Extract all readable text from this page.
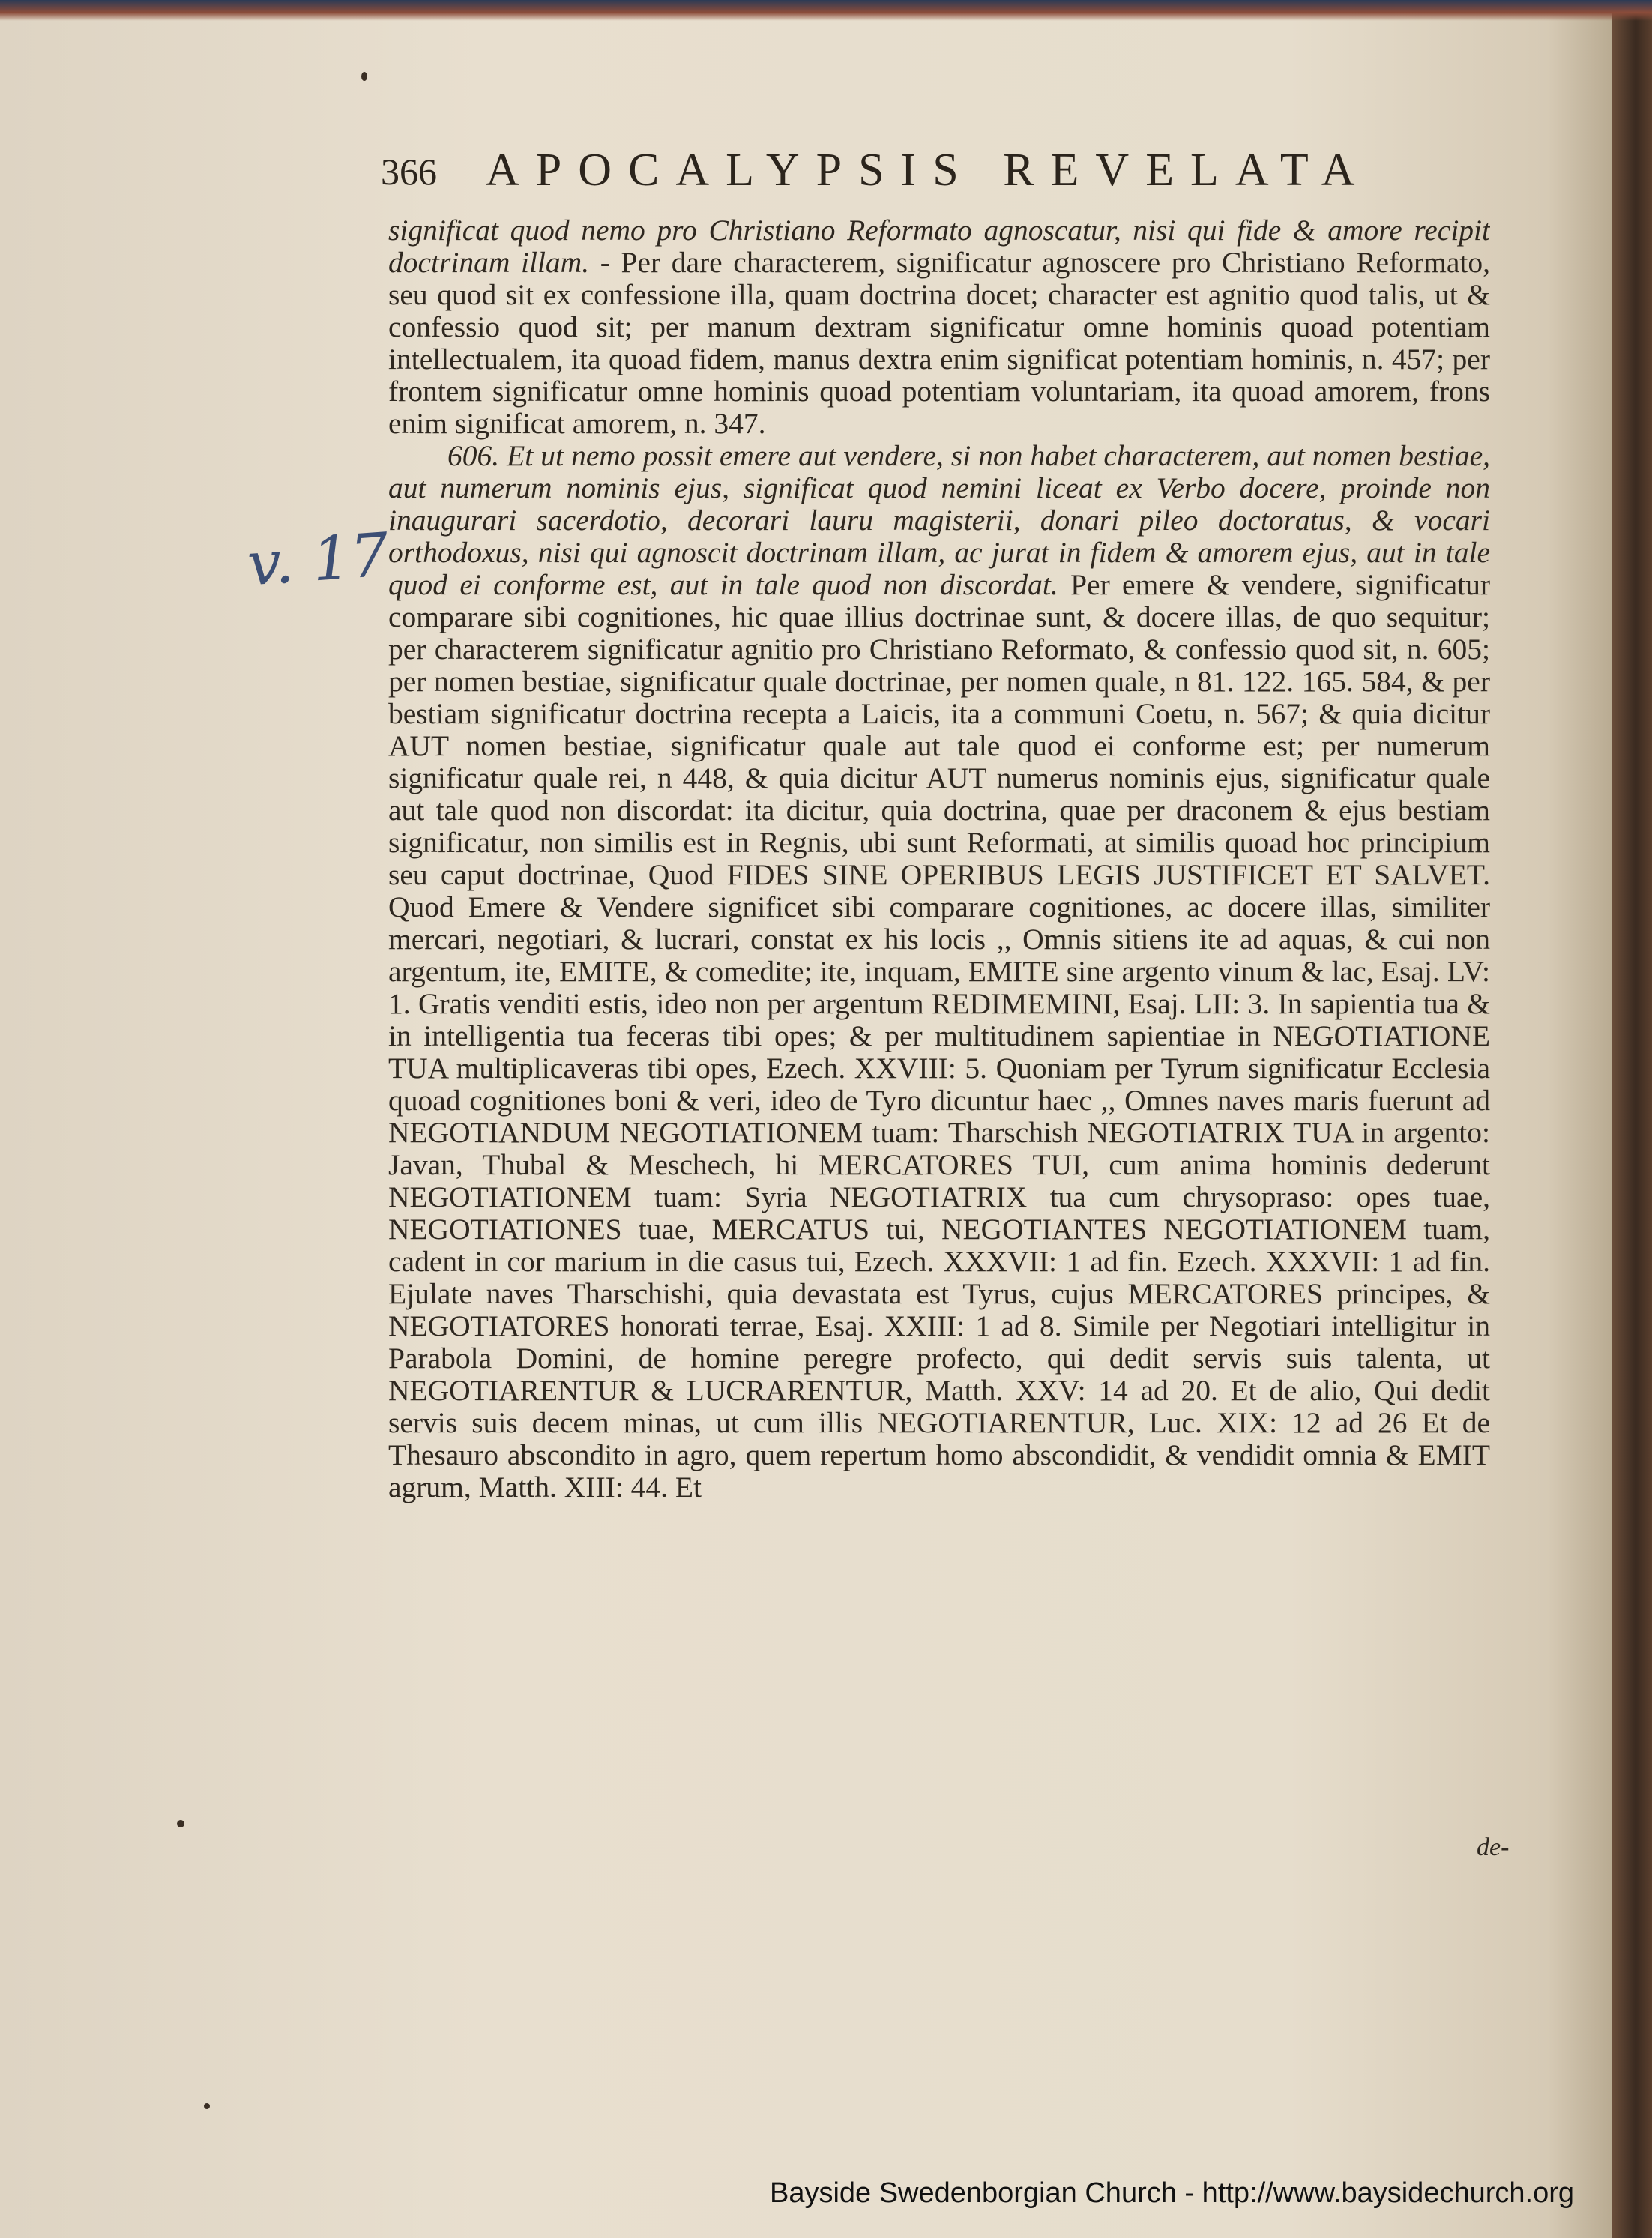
366 APOCALYPSIS REVELATA
v. 17

significat quod nemo pro Christiano Reformato agnoscatur, nisi qui fide & amore recipit doctrinam illam. - Per dare characterem, significatur agnoscere pro Christiano Reformato, seu quod sit ex confessione illa, quam doctrina docet; character est agnitio quod talis, ut & confessio quod sit; per manum dextram significatur omne hominis quoad potentiam intellectualem, ita quoad fidem, manus dextra enim significat potentiam hominis, n. 457; per frontem significatur omne hominis quoad potentiam voluntariam, ita quoad amorem, frons enim significat amorem, n. 347.
  606. Et ut nemo possit emere aut vendere, si non habet characterem, aut nomen bestiae, aut numerum nominis ejus, significat quod nemini liceat ex Verbo docere, proinde non inaugurari sacerdotio, decorari lauru magisterii, donari pileo doctoratus, & vocari orthodoxus, nisi qui agnoscit doctrinam illam, ac jurat in fidem & amorem ejus, aut in tale quod ei conforme est, aut in tale quod non discordat. Per emere & vendere, significatur comparare sibi cognitiones, hic quae illius doctrinae sunt, & docere illas, de quo sequitur; per characterem significatur agnitio pro Christiano Reformato, & confessio quod sit, n. 605; per nomen bestiae, significatur quale doctrinae, per nomen quale, n 81. 122. 165. 584, & per bestiam significatur doctrina recepta a Laicis, ita a communi Coetu, n. 567; & quia dicitur AUT nomen bestiae, significatur quale aut tale quod ei conforme est; per numerum significatur quale rei, n 448, & quia dicitur AUT numerus nominis ejus, significatur quale aut tale quod non discordat: ita dicitur, quia doctrina, quae per draconem & ejus bestiam significatur, non similis est in Regnis, ubi sunt Reformati, at similis quoad hoc principium seu caput doctrinae, Quod FIDES SINE OPERIBUS LEGIS JUSTIFICET ET SALVET. Quod Emere & Vendere significet sibi comparare cognitiones, ac docere illas, similiter mercari, negotiari, & lucrari, constat ex his locis ,, Omnis sitiens ite ad aquas, & cui non argentum, ite, EMITE, & comedite; ite, inquam, EMITE sine argento vinum & lac, Esaj. LV: 1. Gratis venditi estis, ideo non per argentum REDIMEMINI, Esaj. LII: 3. In sapientia tua & in intelligentia tua feceras tibi opes; & per multitudinem sapientiae in NEGOTIATIONE TUA multiplicaveras tibi opes, Ezech. XXVIII: 5. Quoniam per Tyrum significatur Ecclesia quoad cognitiones boni & veri, ideo de Tyro dicuntur haec ,, Omnes naves maris fuerunt ad NEGOTIANDUM NEGOTIATIONEM tuam: Tharschish NEGOTIATRIX TUA in argento: Javan, Thubal & Meschech, hi MERCATORES TUI, cum anima hominis dederunt NEGOTIATIONEM tuam: Syria NEGOTIATRIX tua cum chrysopraso: opes tuae, NEGOTIATIONES tuae, MERCATUS tui, NEGOTIANTES NEGOTIATIONEM tuam, cadent in cor marium in die casus tui, Ezech. XXXVII: 1 ad fin. Ezech. XXXVII: 1 ad fin. Ejulate naves Tharschishi, quia devastata est Tyrus, cujus MERCATORES principes, & NEGOTIATORES honorati terrae, Esaj. XXIII: 1 ad 8. Simile per Negotiari intelligitur in Parabola Domini, de homine peregre profecto, qui dedit servis suis talenta, ut NEGOTIARENTUR & LUCRARENTUR, Matth. XXV: 14 ad 20. Et de alio, Qui dedit servis suis decem minas, ut cum illis NEGOTIARENTUR, Luc. XIX: 12 ad 26 Et de Thesauro abscondito in agro, quem repertum homo abscondidit, & vendidit omnia & EMIT agrum, Matth. XIII: 44. Et

de-
Bayside Swedenborgian Church - http://www.baysidechurch.org
